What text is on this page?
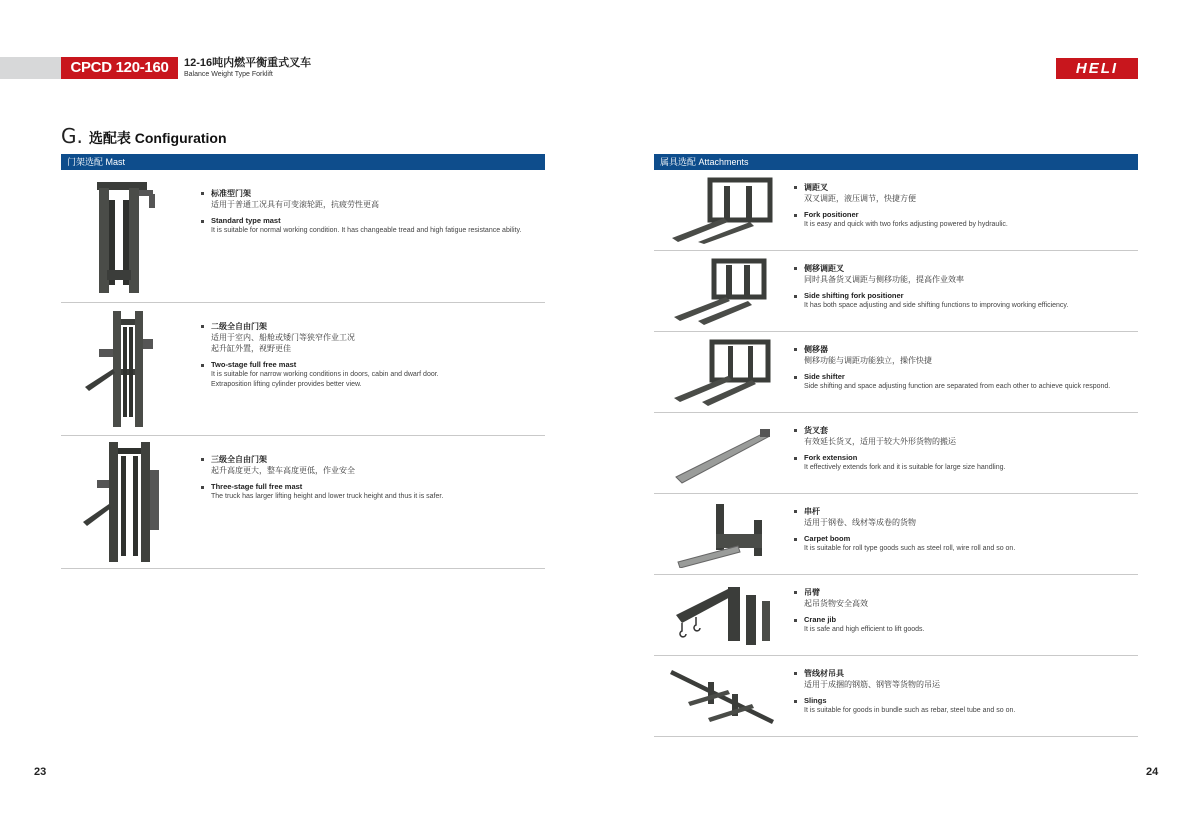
CPCD 120-160	12-16吨内燃平衡重式叉车
Balance Weight Type Forklift	HELI
G. 选配表 Configuration
门架选配 Mast	属具选配 Attachments
标准型门架
适用于普通工况具有可变滚轮距，抗疲劳性更高
Standard type mast
It is suitable for normal working condition. It has changeable tread and high fatigue resistance ability.
二级全自由门架
适用于室内、船舱或矮门等狭窄作业工况
起升缸外置，视野更佳
Two-stage full free mast
It is suitable for narrow working conditions in doors, cabin and dwarf door.
Extraposition lifting cylinder provides better view.
三级全自由门架
起升高度更大，整车高度更低，作业安全
Three-stage full free mast
The truck has larger lifting height and lower truck height and thus it is safer.
调距叉
双叉调距，液压调节，快捷方便
Fork positioner
It is easy and quick with two forks adjusting powered by hydraulic.
侧移调距叉
同时具备货叉调距与侧移功能，提高作业效率
Side shifting fork positioner
It has both space adjusting and side shifting functions to improving working efficiency.
侧移器
侧移功能与调距功能独立，操作快捷
Side shifter
Side shifting and space adjusting function are separated from each other to achieve quick respond.
货叉套
有效延长货叉，适用于较大外形货物的搬运
Fork extension
It effectively extends fork and it is suitable for large size handling.
串杆
适用于钢卷、线材等成卷的货物
Carpet boom
It is suitable for roll type goods such as steel roll, wire roll and so on.
吊臂
起吊货物安全高效
Crane jib
It is safe and high efficient to lift goods.
管线材吊具
适用于成捆的钢筋、钢管等货物的吊运
Slings
It is suitable for goods in bundle such as rebar, steel tube and so on.
23	24
